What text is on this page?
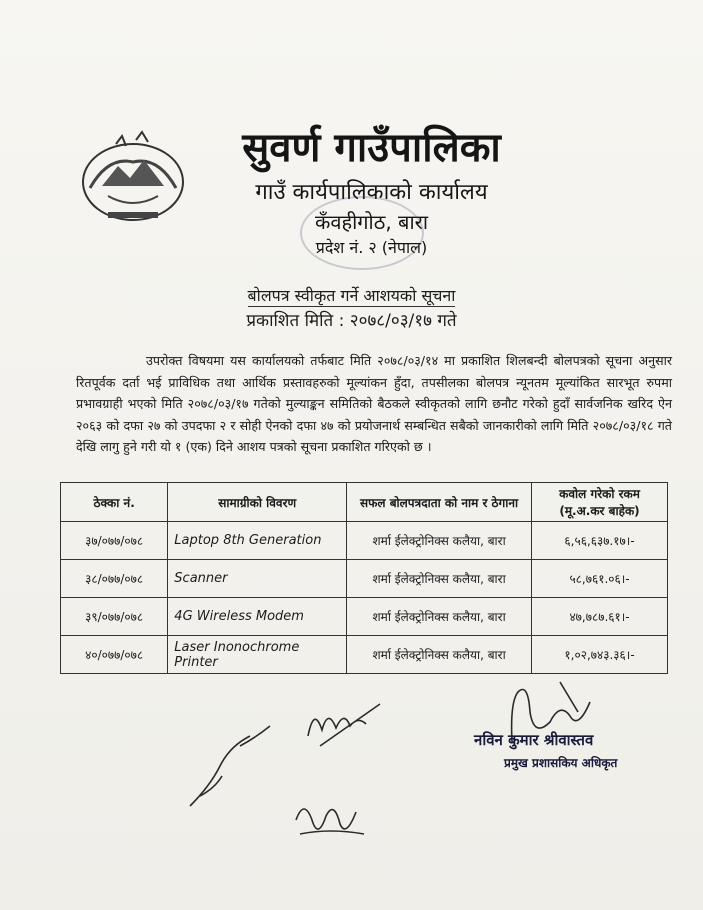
सुवर्ण गाउँपालिका
गाउँ कार्यपालिकाको कार्यालय
कँवहीगोठ, बारा
प्रदेश नं. २ (नेपाल)
बोलपत्र स्वीकृत गर्ने आशयको सूचना
प्रकाशित मिति : २०७८/०३/१७ गते
उपरोक्त विषयमा यस कार्यालयको तर्फबाट मिति २०७८/०३/१४ मा प्रकाशित शिलबन्दी बोलपत्रको सूचना अनुसार रितपूर्वक दर्ता भई प्राविधिक तथा आर्थिक प्रस्तावहरुको मूल्यांकन हुँदा, तपसीलका बोलपत्र न्यूनतम मूल्यांकित सारभूत रुपमा प्रभावग्राही भएको मिति २०७८/०३/१७ गतेको मुल्याङ्कन समितिको बैठकले स्वीकृतको लागि छनौट गरेको हुदाँ सार्वजनिक खरिद ऐन २०६३ को दफा २७ को उपदफा २ र सोही ऐनको दफा ४७ को प्रयोजनार्थ सम्बन्धित सबैको जानकारीको लागि मिति २०७८/०३/१८ गते देखि लागु हुने गरी यो १ (एक) दिने आशय पत्रको सूचना प्रकाशित गरिएको छ ।
ठेक्का नं.	सामाग्रीको विवरण	सफल बोलपत्रदाता को नाम र ठेगाना	कवोल गरेको रकम (मू.अ.कर बाहेक)
३७/०७७/०७८	Laptop 8th Generation	शर्मा ईलेक्ट्रोनिक्स कलैया, बारा	६,५६,६३७.१७।-
३८/०७७/०७८	Scanner	शर्मा ईलेक्ट्रोनिक्स कलैया, बारा	५८,७६१.०६।-
३९/०७७/०७८	4G Wireless Modem	शर्मा ईलेक्ट्रोनिक्स कलैया, बारा	४७,७८७.६१।-
४०/०७७/०७८	Laser Inonochrome Printer	शर्मा ईलेक्ट्रोनिक्स कलैया, बारा	१,०२,७४३.३६।-
नविन कुमार श्रीवास्तव
प्रमुख प्रशासकिय अधिकृत
